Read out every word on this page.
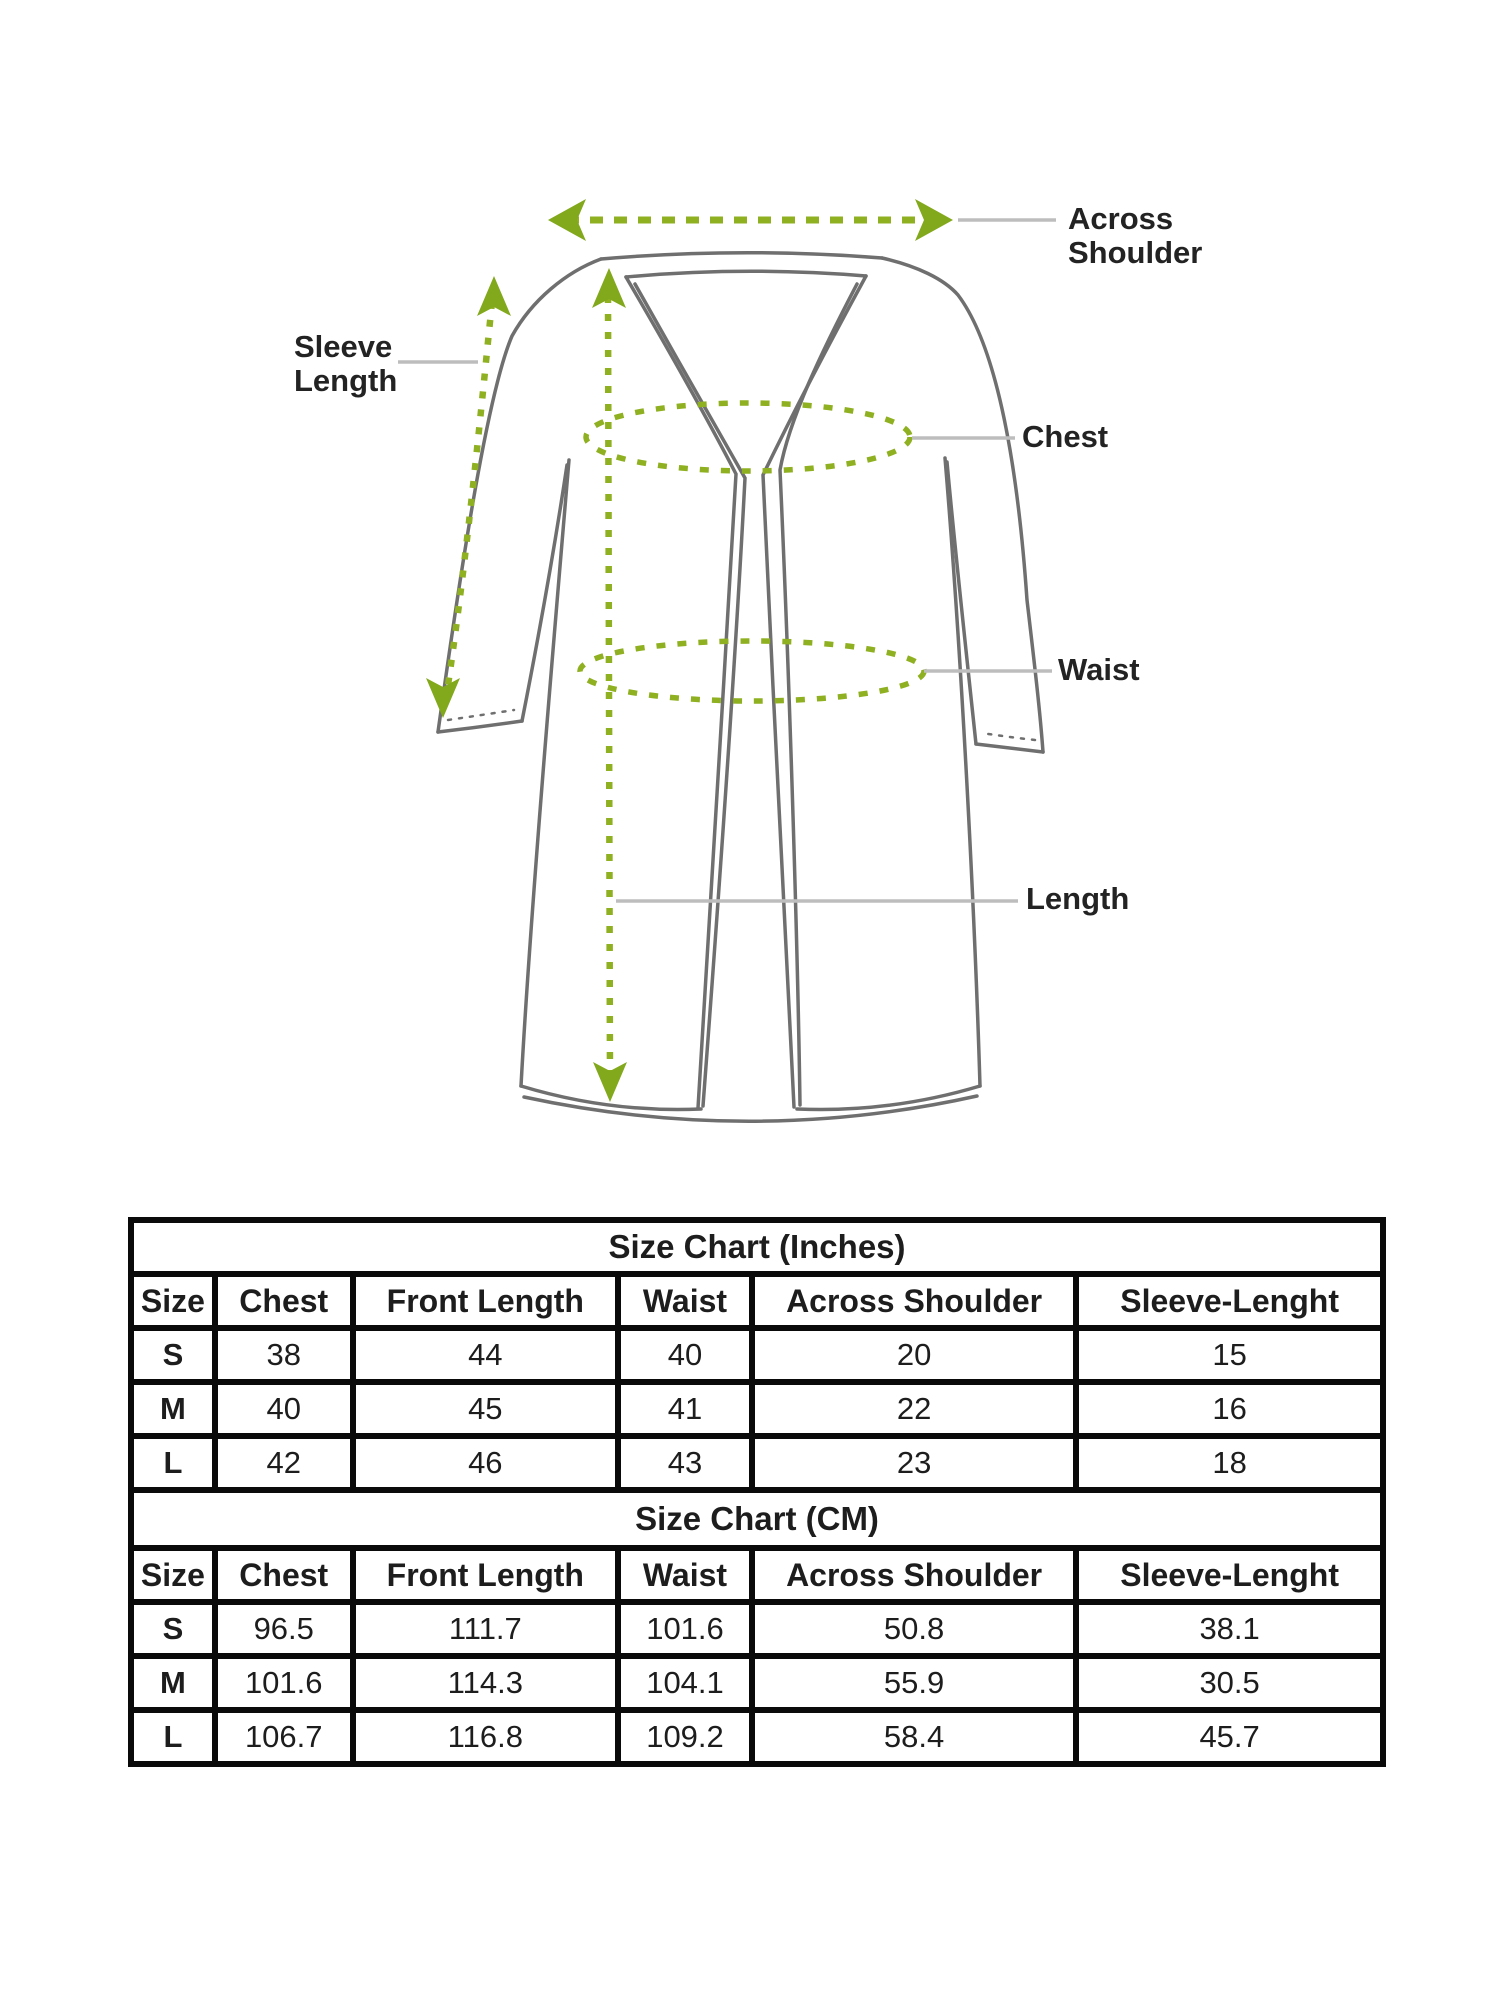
Sleeve
Length
Across
Shoulder
Chest
Waist
Length
Size Chart (Inches)					
Size	Chest	Front Length	Waist	Across Shoulder	Sleeve-Lenght
S	38	44	40	20	15
M	40	45	41	22	16
L	42	46	43	23	18
Size Chart (CM)					
Size	Chest	Front Length	Waist	Across Shoulder	Sleeve-Lenght
S	96.5	111.7	101.6	50.8	38.1
M	101.6	114.3	104.1	55.9	30.5
L	106.7	116.8	109.2	58.4	45.7
